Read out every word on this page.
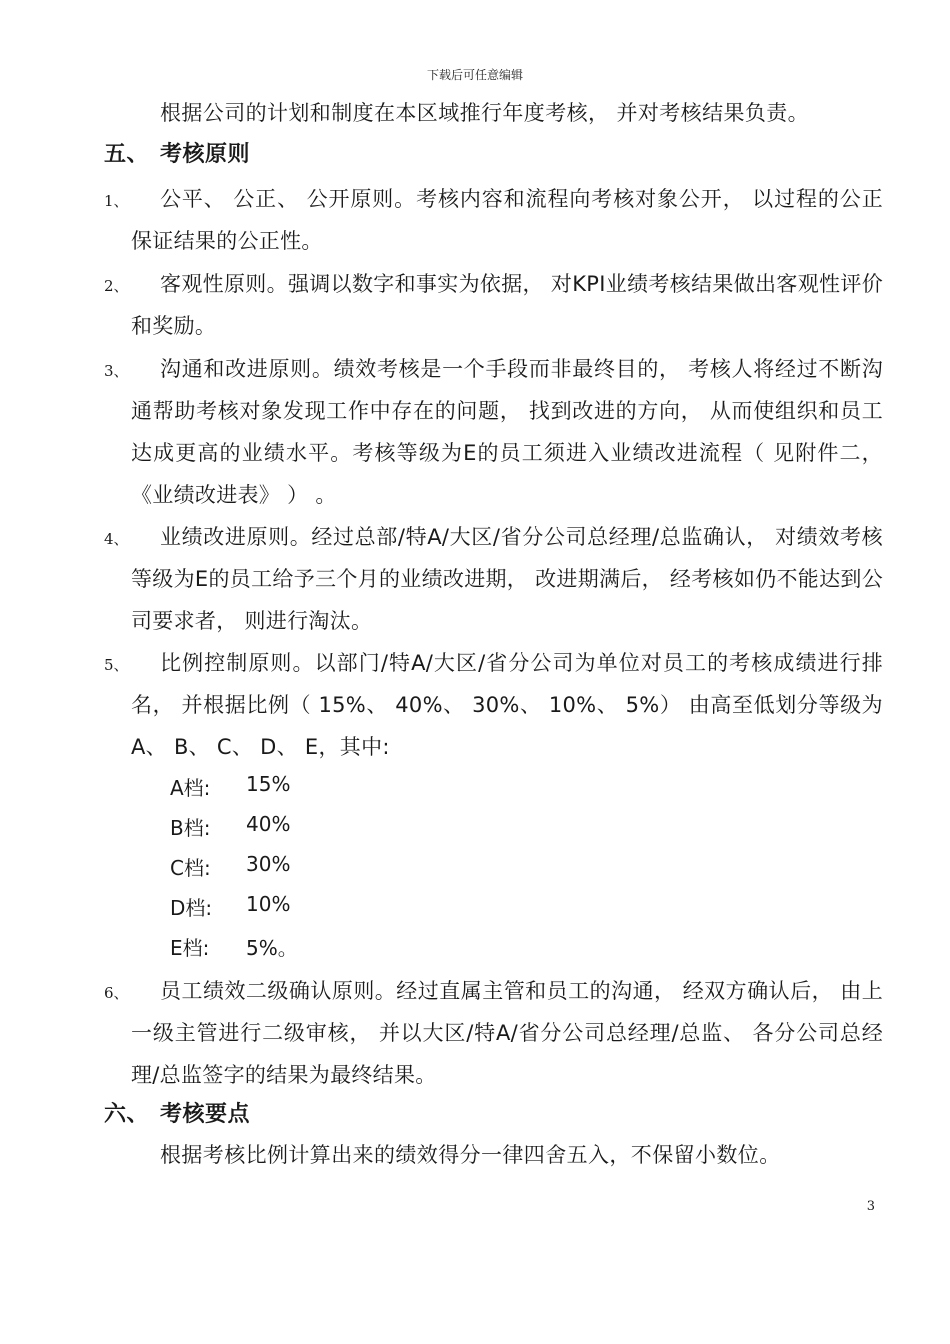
下载后可任意编辑
根据公司的计划和制度在本区域推行年度考核， 并对考核结果负责。
五、 考核原则
1、	公平、 公正、 公开原则。考核内容和流程向考核对象公开， 以过程的公正保证结果的公正性。
2、	客观性原则。强调以数字和事实为依据， 对KPI业绩考核结果做出客观性评价和奖励。
3、	沟通和改进原则。绩效考核是一个手段而非最终目的， 考核人将经过不断沟通帮助考核对象发现工作中存在的问题， 找到改进的方向， 从而使组织和员工达成更高的业绩水平。考核等级为E的员工须进入业绩改进流程（ 见附件二， 《业绩改进表》 ） 。
4、	业绩改进原则。经过总部/特A/大区/省分公司总经理/总监确认， 对绩效考核等级为E的员工给予三个月的业绩改进期， 改进期满后， 经考核如仍不能达到公司要求者， 则进行淘汰。
5、	比例控制原则。以部门/特A/大区/省分公司为单位对员工的考核成绩进行排名， 并根据比例（ 15%、 40%、 30%、 10%、 5%） 由高至低划分等级为A、 B、 C、 D、 E，其中:
A档: 15%
B档: 40%
C档: 30%
D档: 10%
E档: 5%。
6、	员工绩效二级确认原则。经过直属主管和员工的沟通， 经双方确认后， 由上一级主管进行二级审核， 并以大区/特A/省分公司总经理/总监、 各分公司总经理/总监签字的结果为最终结果。
六、 考核要点
根据考核比例计算出来的绩效得分一律四舍五入，不保留小数位。
3
